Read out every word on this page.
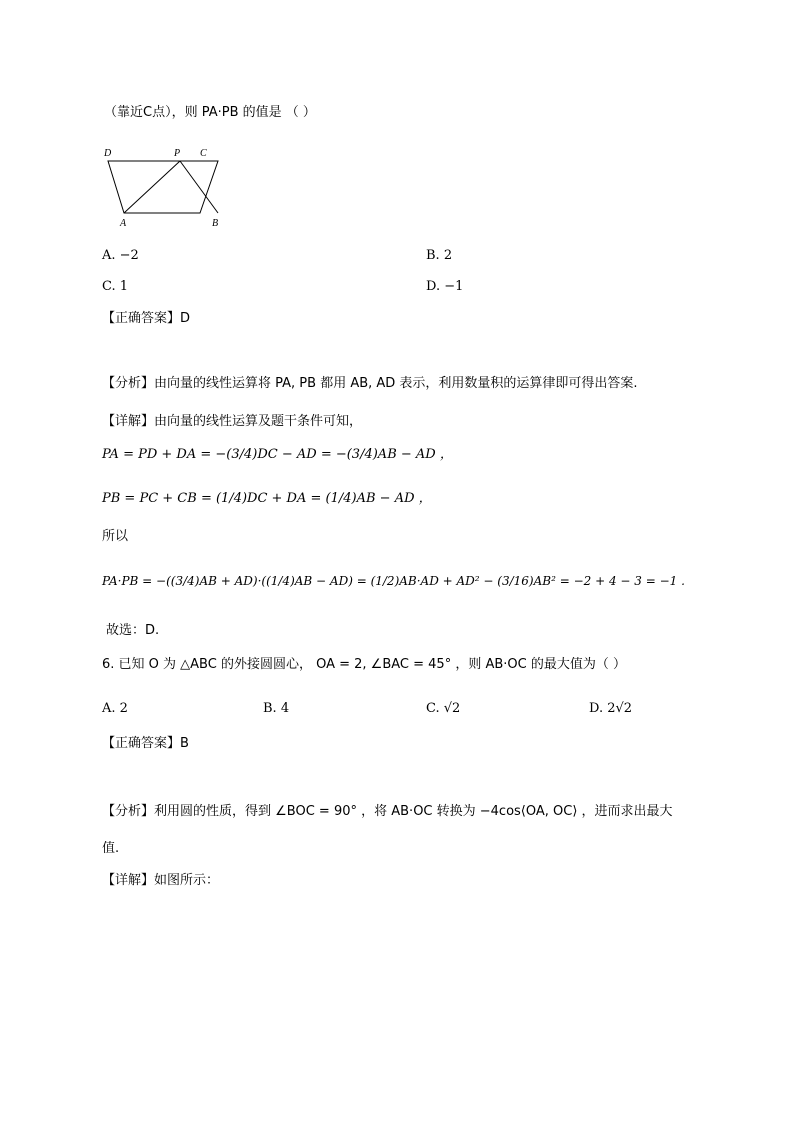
（靠近C点），则 PA·PB 的值是 （ ）
D	P C
A	B
A. −2	B. 2
C. 1	D. −1
【正确答案】D
【分析】由向量的线性运算将 PA, PB 都用 AB, AD 表示，利用数量积的运算律即可得出答案.
【详解】由向量的线性运算及题干条件可知，
PA = PD + DA = −(3/4)DC − AD = −(3/4)AB − AD ，
PB = PC + CB = (1/4)DC + DA = (1/4)AB − AD ，
所以
PA·PB = −((3/4)AB + AD)·((1/4)AB − AD) = (1/2)AB·AD + AD² − (3/16)AB² = −2 + 4 − 3 = −1 .
故选：D.
6. 已知 O 为 △ABC 的外接圆圆心， OA = 2, ∠BAC = 45° ，则 AB·OC 的最大值为（ ）
A. 2	B. 4	C. √2	D. 2√2
【正确答案】B
【分析】利用圆的性质，得到 ∠BOC = 90° ，将 AB·OC 转换为 −4cos⟨OA, OC⟩ ，进而求出最大
值.
【详解】如图所示：
